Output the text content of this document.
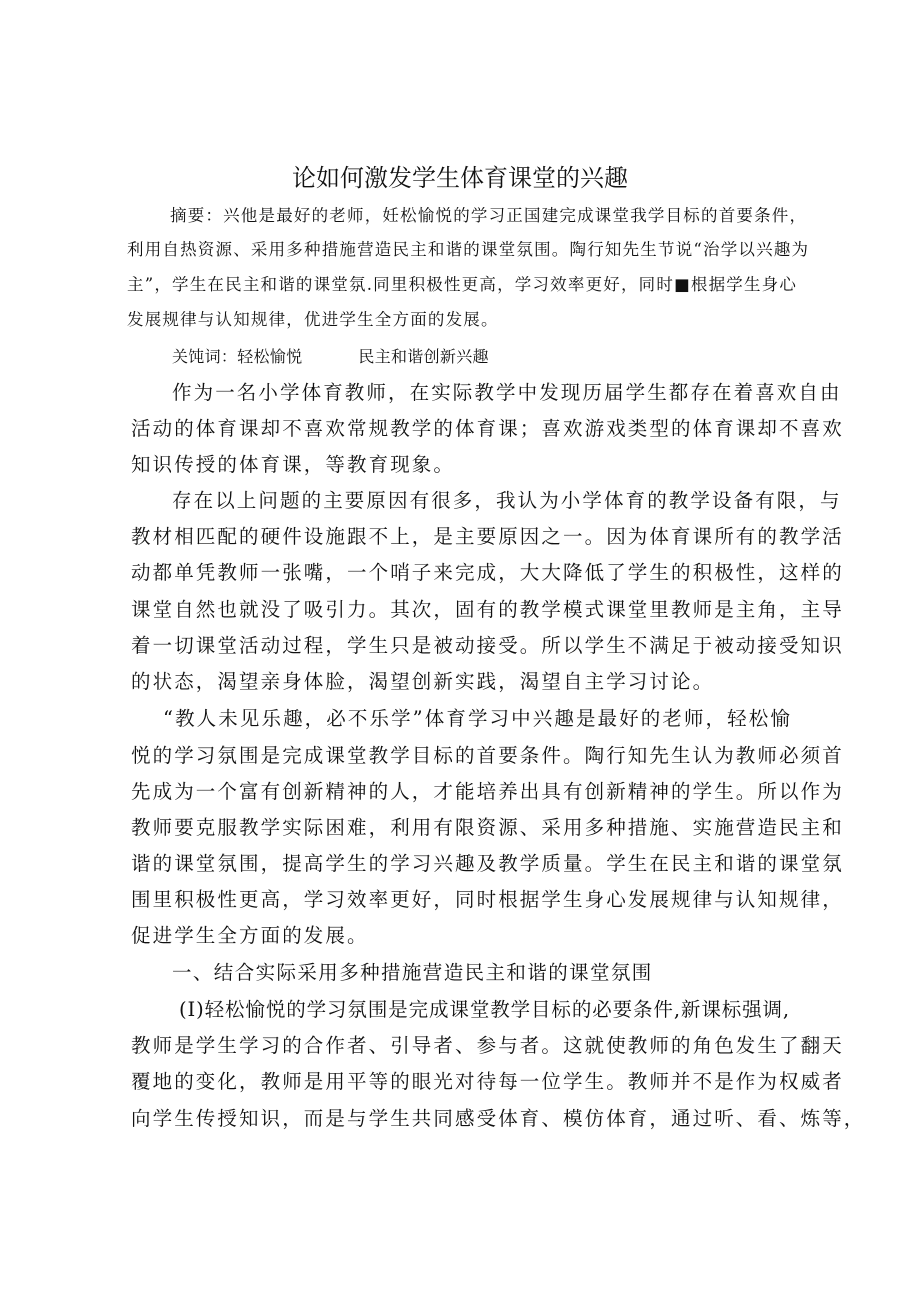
论如何激发学生体育课堂的兴趣
摘要：兴他是最好的老师，妊松愉悦的学习正国建完成课堂我学目标的首要条件，
利用自热资源、采用多种措施营造民主和谐的课堂氛围。陶行知先生节说“治学以兴趣为
主”，学生在民主和谐的课堂氛.同里积极性更高，学习效率更好，同时■根据学生身心
发展规律与认知规律，优进学生全方面的发展。
关饨词：轻松愉悦	民主和谐创新兴趣
作为一名小学体育教师，在实际教学中发现历届学生都存在着喜欢自由
活动的体育课却不喜欢常规教学的体育课；喜欢游戏类型的体育课却不喜欢
知识传授的体育课，等教育现象。
存在以上问题的主要原因有很多，我认为小学体育的教学设备有限，与
教材相匹配的硬件设施跟不上，是主要原因之一。因为体育课所有的教学活
动都单凭教师一张嘴，一个哨子来完成，大大降低了学生的积极性，这样的
课堂自然也就没了吸引力。其次，固有的教学模式课堂里教师是主角，主导
着一切课堂活动过程，学生只是被动接受。所以学生不满足于被动接受知识
的状态，渴望亲身体脸，渴望创新实践，渴望自主学习讨论。
“教人未见乐趣，必不乐学”体育学习中兴趣是最好的老师，轻松愉
悦的学习氛围是完成课堂教学目标的首要条件。陶行知先生认为教师必须首
先成为一个富有创新精神的人，才能培养出具有创新精神的学生。所以作为
教师要克服教学实际困难，利用有限资源、采用多种措施、实施营造民主和
谐的课堂氛围，提高学生的学习兴趣及教学质量。学生在民主和谐的课堂氛
围里积极性更高，学习效率更好，同时根据学生身心发展规律与认知规律，
促进学生全方面的发展。
一、结合实际采用多种措施营造民主和谐的课堂氛围
(I)轻松愉悦的学习氛围是完成课堂教学目标的必要条件,新课标强调,
教师是学生学习的合作者、引导者、参与者。这就使教师的角色发生了翻天
覆地的变化，教师是用平等的眼光对待每一位学生。教师并不是作为权威者
向学生传授知识，而是与学生共同感受体育、模仿体育，通过听、看、炼等，
